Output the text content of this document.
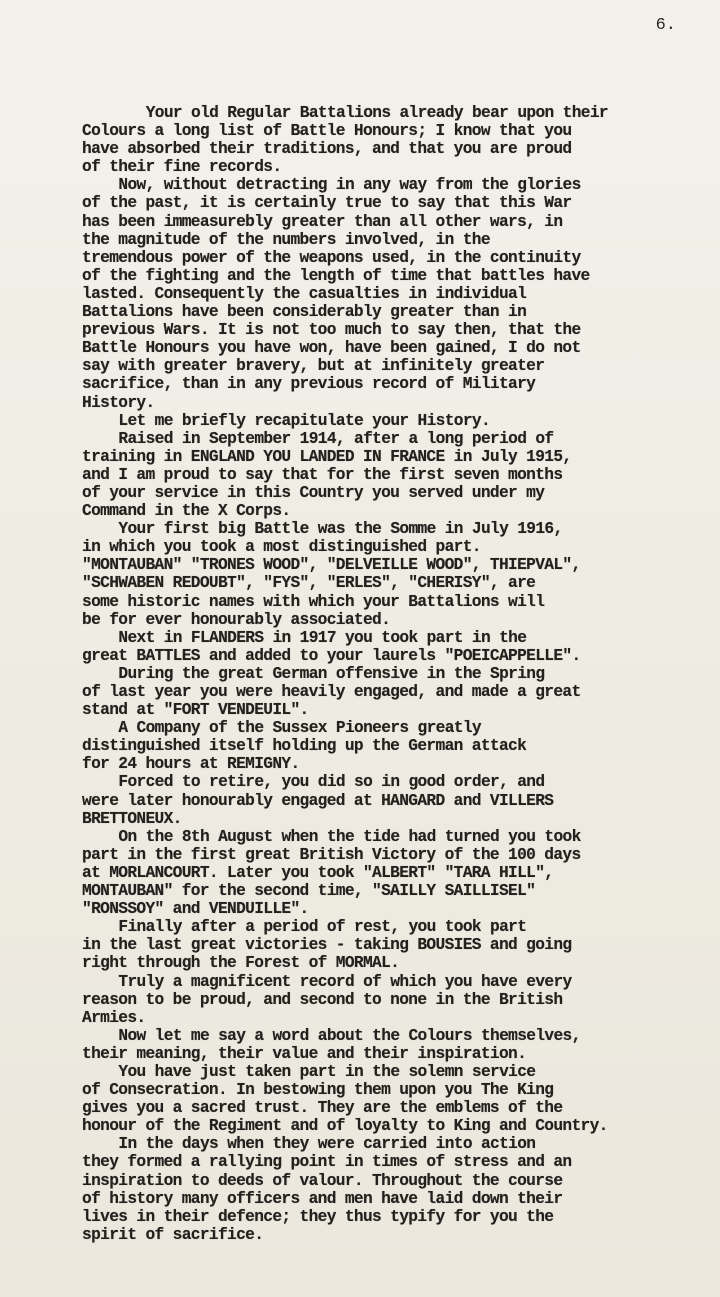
6.
Your old Regular Battalions already bear upon their
Colours a long list of Battle Honours; I know that you
have absorbed their traditions, and that you are proud
of their fine records.
Now, without detracting in any way from the glories
of the past, it is certainly true to say that this War
has been immeasurebly greater than all other wars, in
the magnitude of the numbers involved, in the
tremendous power of the weapons used, in the continuity
of the fighting and the length of time that battles have
lasted. Consequently the casualties in individual
Battalions have been considerably greater than in
previous Wars. It is not too much to say then, that the
Battle Honours you have won, have been gained, I do not
say with greater bravery, but at infinitely greater
sacrifice, than in any previous record of Military
History.
Let me briefly recapitulate your History.
Raised in September 1914, after a long period of
training in ENGLAND YOU LANDED IN FRANCE in July 1915,
and I am proud to say that for the first seven months
of your service in this Country you served under my
Command in the X Corps.
Your first big Battle was the Somme in July 1916,
in which you took a most distinguished part.
"MONTAUBAN" "TRONES WOOD", "DELVEILLE WOOD", THIEPVAL",
"SCHWABEN REDOUBT", "FYS", "ERLES", "CHERISY", are
some historic names with which your Battalions will
be for ever honourably associated.
Next in FLANDERS in 1917 you took part in the
great BATTLES and added to your laurels "POEICAPPELLE".
During the great German offensive in the Spring
of last year you were heavily engaged, and made a great
stand at "FORT VENDEUIL".
A Company of the Sussex Pioneers greatly
distinguished itself holding up the German attack
for 24 hours at REMIGNY.
Forced to retire, you did so in good order, and
were later honourably engaged at HANGARD and VILLERS
BRETTONEUX.
On the 8th August when the tide had turned you took
part in the first great British Victory of the 100 days
at MORLANCOURT. Later you took "ALBERT" "TARA HILL",
MONTAUBAN" for the second time, "SAILLY SAILLISEL"
"RONSSOY" and VENDUILLE".
Finally after a period of rest, you took part
in the last great victories - taking BOUSIES and going
right through the Forest of MORMAL.
Truly a magnificent record of which you have every
reason to be proud, and second to none in the British
Armies.
Now let me say a word about the Colours themselves,
their meaning, their value and their inspiration.
You have just taken part in the solemn service
of Consecration. In bestowing them upon you The King
gives you a sacred trust. They are the emblems of the
honour of the Regiment and of loyalty to King and Country.
In the days when they were carried into action
they formed a rallying point in times of stress and an
inspiration to deeds of valour. Throughout the course
of history many officers and men have laid down their
lives in their defence; they thus typify for you the
spirit of sacrifice.
